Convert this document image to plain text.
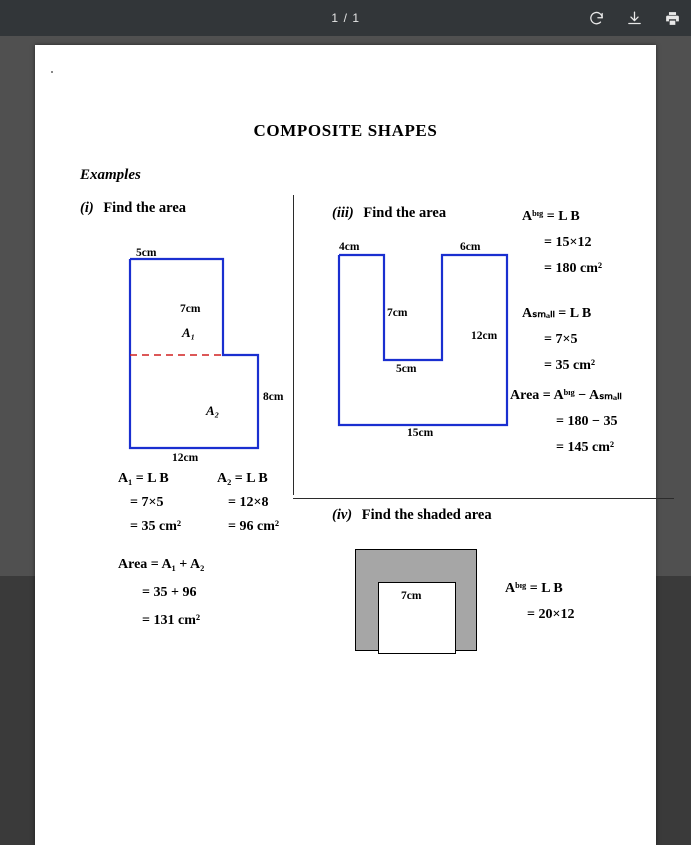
1 / 1
COMPOSITE SHAPES
Examples
(i) Find the area
5cm
7cm
A₁
A₂
8cm
12cm
A₁ = L B	A₂ = L B
= 7×5	= 12×8
= 35 cm²	= 96 cm²
Area = A₁ + A₂
= 35 + 96
= 131 cm²
(iii) Find the area
4cm	6cm
7cm
5cm
12cm
15cm
Aᵇᶦᵍ = L B
= 15×12
= 180 cm²
Aₛₘₐₗₗ = L B
= 7×5
= 35 cm²
Area = Aᵇᶦᵍ − Aₛₘₐₗₗ
= 180 − 35
= 145 cm²
(iv) Find the shaded area
7cm	Aᵇᶦᵍ = L B
= 20×12
